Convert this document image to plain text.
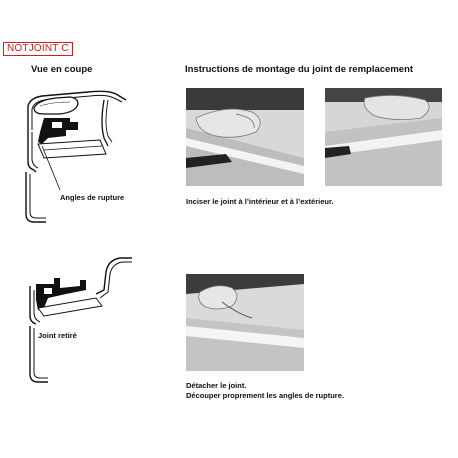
NOTJOINT C
Vue en coupe	Instructions de montage du joint de remplacement
Angles de rupture
Joint retiré
Inciser le joint à l’intérieur et à l’extérieur.
Détacher le joint.
Découper proprement les angles de rupture.
